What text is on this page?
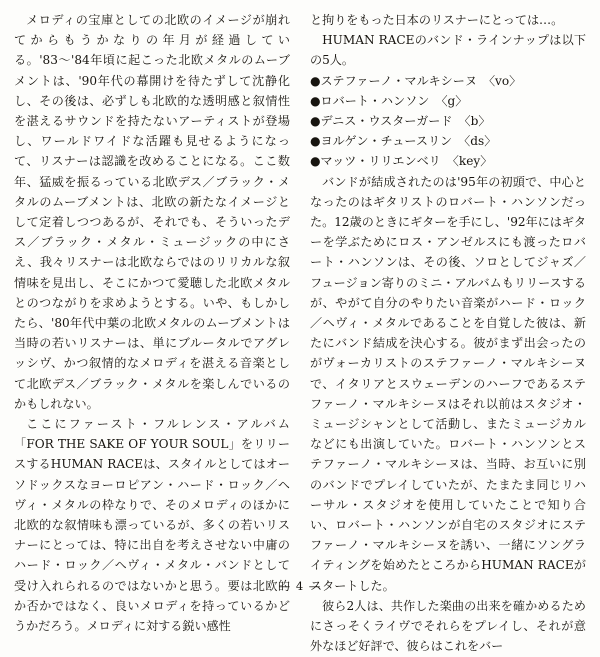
メロディの宝庫としての北欧のイメージが崩れてからもうかなりの年月が経過している。'83〜'84年頃に起こった北欧メタルのムーブメントは、'90年代の幕開けを待たずして沈静化し、その後は、必ずしも北欧的な透明感と叙情性を湛えるサウンドを持たないアーティストが登場し、ワールドワイドな活躍も見せるようになって、リスナーは認識を改めることになる。ここ数年、猛威を振るっている北欧デス／ブラック・メタルのムーブメントは、北欧の新たなイメージとして定着しつつあるが、それでも、そういったデス／ブラック・メタル・ミュージックの中にさえ、我々リスナーは北欧ならではのリリカルな叙情味を見出し、そこにかつて愛聴した北欧メタルとのつながりを求めようとする。いや、もしかしたら、'80年代中葉の北欧メタルのムーブメントは当時の若いリスナーは、単にブルータルでアグレッシヴ、かつ叙情的なメロディを湛える音楽として北欧デス／ブラック・メタルを楽しんでいるのかもしれない。

ここにファースト・フルレンス・アルバム「FOR THE SAKE OF YOUR SOUL」をリリースするHUMAN RACEは、スタイルとしてはオーソドックスなヨーロピアン・ハード・ロック／ヘヴィ・メタルの枠なりで、そのメロディのほかに北欧的な叙情味も漂っているが、多くの若いリスナーにとっては、特に出自を考えさせない中庸のハード・ロック／ヘヴィ・メタル・バンドとして受け入れられるのではないかと思う。要は北欧的か否かではなく、良いメロディを持っているかどうかだろう。メロディに対する鋭い感性

と拘りをもった日本のリスナーにとっては…。

HUMAN RACEのバンド・ラインナップは以下の5人。

●ステファーノ・マルキシーヌ　〈vo〉

●ロバート・ハンソン　〈g〉

●デニス・ウスターガード　〈b〉

●ヨルゲン・チュースリン　〈ds〉

●マッツ・リリエンベリ　〈key〉

バンドが結成されたのは'95年の初頭で、中心となったのはギタリストのロバート・ハンソンだった。12歳のときにギターを手にし、'92年にはギターを学ぶためにロス・アンゼルスにも渡ったロバート・ハンソンは、その後、ソロとしてジャズ／フュージョン寄りのミニ・アルバムもリリースするが、やがて自分のやりたい音楽がハード・ロック／ヘヴィ・メタルであることを自覚した彼は、新たにバンド結成を決心する。彼がまず出会ったのがヴォーカリストのステファーノ・マルキシーヌで、イタリアとスウェーデンのハーフであるステファーノ・マルキシーヌはそれ以前はスタジオ・ミュージシャンとして活動し、またミュージカルなどにも出演していた。ロバート・ハンソンとステファーノ・マルキシーヌは、当時、お互いに別のバンドでプレイしていたが、たまたま同じリハーサル・スタジオを使用していたことで知り合い、ロバート・ハンソンが自宅のスタジオにステファーノ・マルキシーヌを誘い、一緒にソングライティングを始めたところからHUMAN RACEがスタートした。

彼ら2人は、共作した楽曲の出来を確かめるためにさっそくライヴでそれらをプレイし、それが意外なほど好評で、彼らはこれをバー

— 4 —
